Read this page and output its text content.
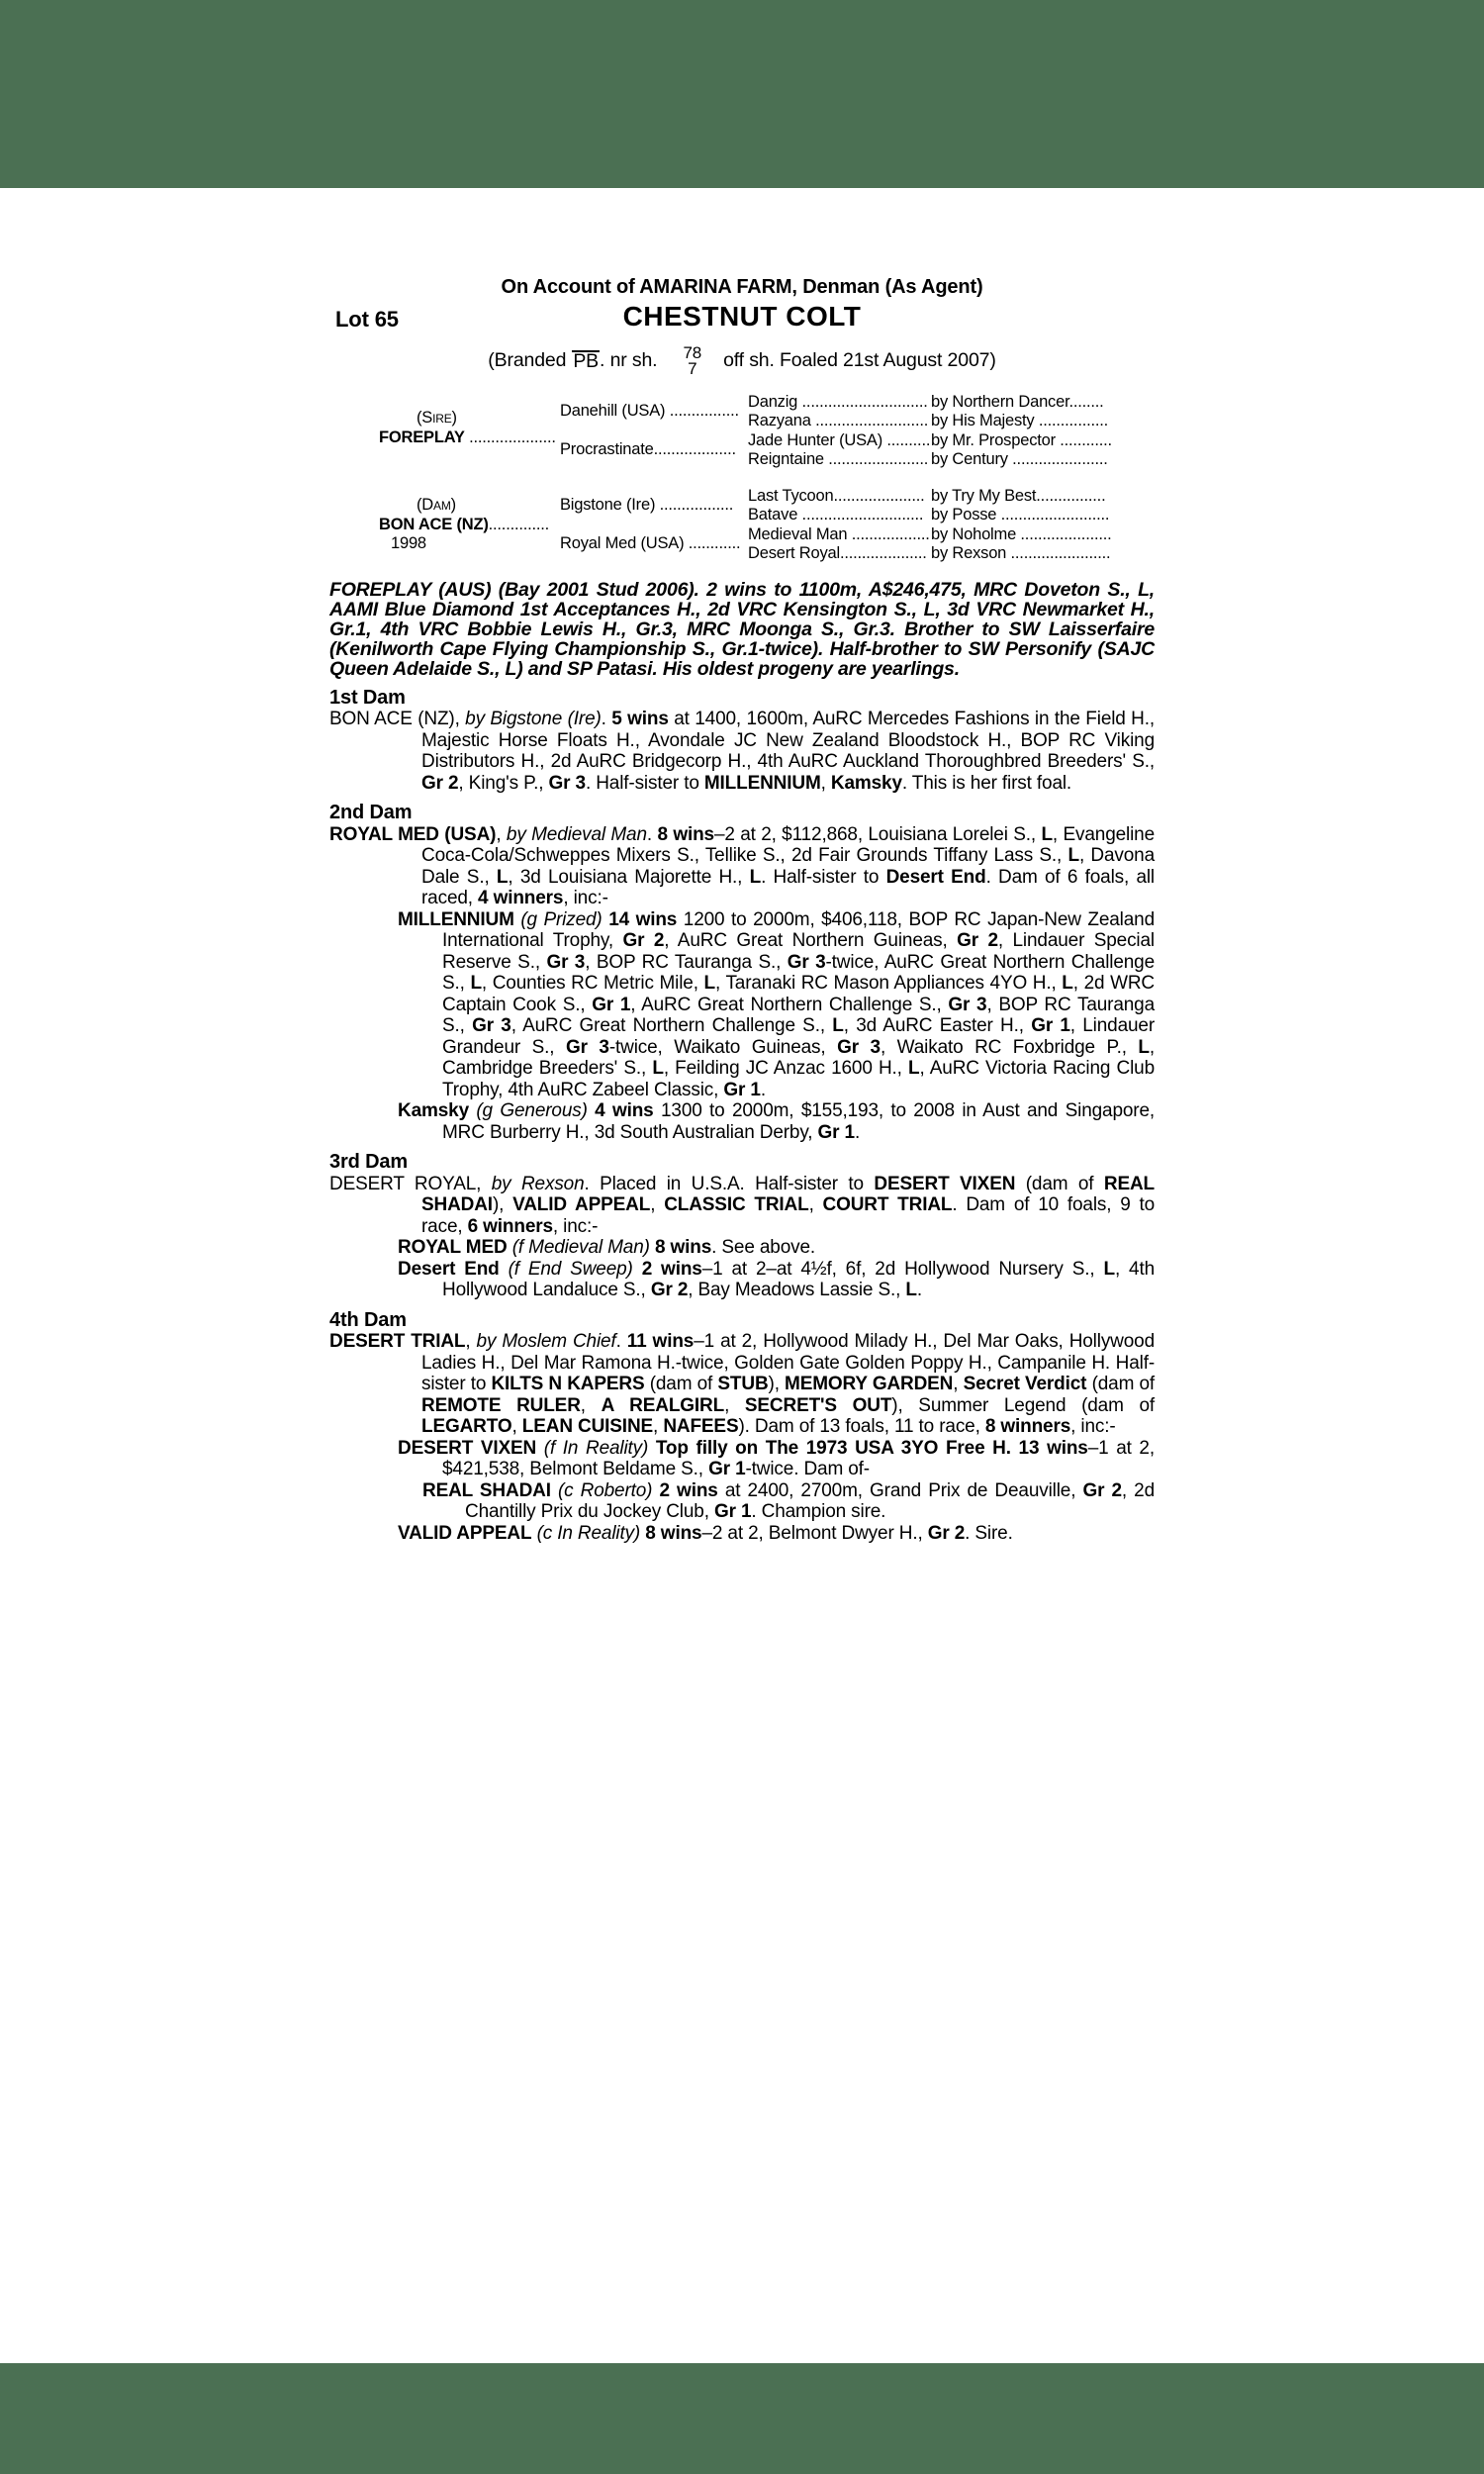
On Account of AMARINA FARM, Denman (As Agent)
Lot 65	CHESTNUT COLT
(Branded PB . nr sh. 78
7 off sh. Foaled 21st August 2007)
(Sire)
FOREPLAY ....................
Danehill (USA) ................
Procrastinate...................
Danzig ............................. by Northern Dancer........
Razyana .......................... by His Majesty ................
Jade Hunter (USA) .......... by Mr. Prospector ............
Reigntaine ....................... by Century ......................
(Dam)
BON ACE (NZ)..............
1998
Bigstone (Ire) .................
Royal Med (USA) ............
Last Tycoon..................... by Try My Best................
Batave ............................ by Posse .........................
Medieval Man .................. by Noholme .....................
Desert Royal.................... by Rexson .......................
FOREPLAY (AUS) (Bay 2001 Stud 2006). 2 wins to 1100m, A$246,475, MRC Doveton S., L, AAMI Blue Diamond 1st Acceptances H., 2d VRC Kensington S., L, 3d VRC Newmarket H., Gr.1, 4th VRC Bobbie Lewis H., Gr.3, MRC Moonga S., Gr.3. Brother to SW Laisserfaire (Kenilworth Cape Flying Championship S., Gr.1-twice). Half-brother to SW Personify (SAJC Queen Adelaide S., L) and SP Patasi. His oldest progeny are yearlings.
1st Dam

BON ACE (NZ), by Bigstone (Ire). 5 wins at 1400, 1600m, AuRC Mercedes Fashions in the Field H., Majestic Horse Floats H., Avondale JC New Zealand Bloodstock H., BOP RC Viking Distributors H., 2d AuRC Bridgecorp H., 4th AuRC Auckland Thoroughbred Breeders' S., Gr 2, King's P., Gr 3. Half-sister to MILLENNIUM, Kamsky. This is her first foal.

2nd Dam

ROYAL MED (USA), by Medieval Man. 8 wins–2 at 2, $112,868, Louisiana Lorelei S., L, Evangeline Coca-Cola/Schweppes Mixers S., Tellike S., 2d Fair Grounds Tiffany Lass S., L, Davona Dale S., L, 3d Louisiana Majorette H., L. Half-sister to Desert End. Dam of 6 foals, all raced, 4 winners, inc:-

MILLENNIUM (g Prized) 14 wins 1200 to 2000m, $406,118, BOP RC Japan-New Zealand International Trophy, Gr 2, AuRC Great Northern Guineas, Gr 2, Lindauer Special Reserve S., Gr 3, BOP RC Tauranga S., Gr 3-twice, AuRC Great Northern Challenge S., L, Counties RC Metric Mile, L, Taranaki RC Mason Appliances 4YO H., L, 2d WRC Captain Cook S., Gr 1, AuRC Great Northern Challenge S., Gr 3, BOP RC Tauranga S., Gr 3, AuRC Great Northern Challenge S., L, 3d AuRC Easter H., Gr 1, Lindauer Grandeur S., Gr 3-twice, Waikato Guineas, Gr 3, Waikato RC Foxbridge P., L, Cambridge Breeders' S., L, Feilding JC Anzac 1600 H., L, AuRC Victoria Racing Club Trophy, 4th AuRC Zabeel Classic, Gr 1.

Kamsky (g Generous) 4 wins 1300 to 2000m, $155,193, to 2008 in Aust and Singapore, MRC Burberry H., 3d South Australian Derby, Gr 1.

3rd Dam

DESERT ROYAL, by Rexson. Placed in U.S.A. Half-sister to DESERT VIXEN (dam of REAL SHADAI), VALID APPEAL, CLASSIC TRIAL, COURT TRIAL. Dam of 10 foals, 9 to race, 6 winners, inc:-

ROYAL MED (f Medieval Man) 8 wins. See above.

Desert End (f End Sweep) 2 wins–1 at 2–at 4½f, 6f, 2d Hollywood Nursery S., L, 4th Hollywood Landaluce S., Gr 2, Bay Meadows Lassie S., L.

4th Dam

DESERT TRIAL, by Moslem Chief. 11 wins–1 at 2, Hollywood Milady H., Del Mar Oaks, Hollywood Ladies H., Del Mar Ramona H.-twice, Golden Gate Golden Poppy H., Campanile H. Half-sister to KILTS N KAPERS (dam of STUB), MEMORY GARDEN, Secret Verdict (dam of REMOTE RULER, A REALGIRL, SECRET'S OUT), Summer Legend (dam of LEGARTO, LEAN CUISINE, NAFEES). Dam of 13 foals, 11 to race, 8 winners, inc:-

DESERT VIXEN (f In Reality) Top filly on The 1973 USA 3YO Free H. 13 wins–1 at 2, $421,538, Belmont Beldame S., Gr 1-twice. Dam of-

REAL SHADAI (c Roberto) 2 wins at 2400, 2700m, Grand Prix de Deauville, Gr 2, 2d Chantilly Prix du Jockey Club, Gr 1. Champion sire.

VALID APPEAL (c In Reality) 8 wins–2 at 2, Belmont Dwyer H., Gr 2. Sire.
